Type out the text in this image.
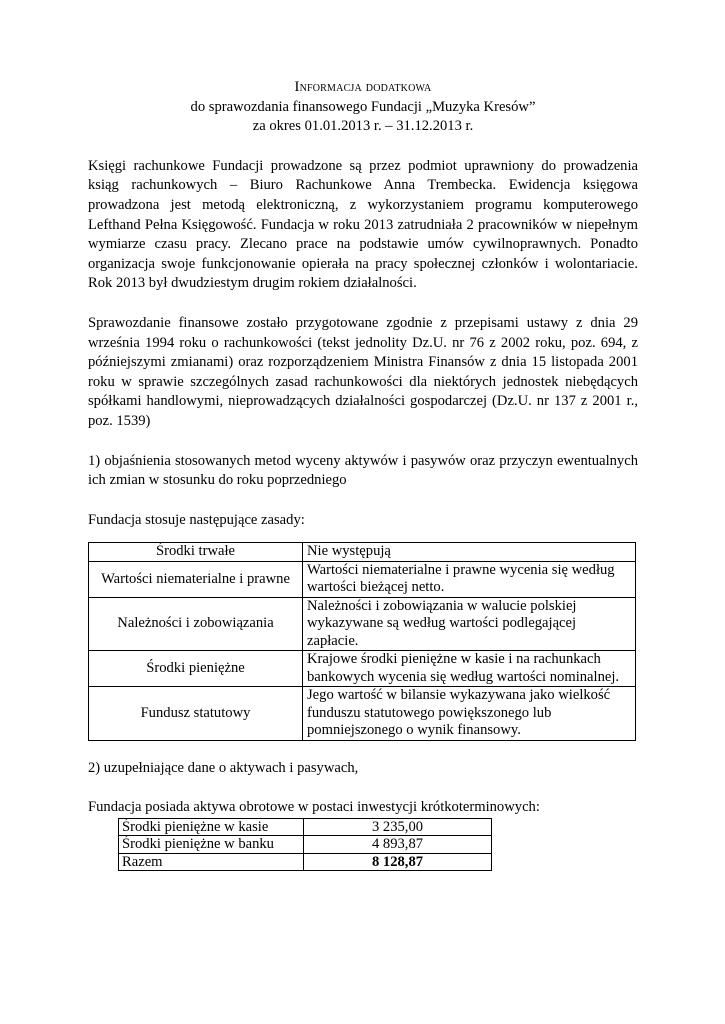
Informacja dodatkowa
do sprawozdania finansowego Fundacji „Muzyka Kresów”
za okres 01.01.2013 r. – 31.12.2013 r.

Księgi rachunkowe Fundacji prowadzone są przez podmiot uprawniony do prowadzenia ksiąg rachunkowych – Biuro Rachunkowe Anna Trembecka. Ewidencja księgowa prowadzona jest metodą elektroniczną, z wykorzystaniem programu komputerowego Lefthand Pełna Księgowość. Fundacja w roku 2013 zatrudniała 2 pracowników w niepełnym wymiarze czasu pracy. Zlecano prace na podstawie umów cywilnoprawnych. Ponadto organizacja swoje funkcjonowanie opierała na pracy społecznej członków i wolontariacie. Rok 2013 był dwudziestym drugim rokiem działalności.

Sprawozdanie finansowe zostało przygotowane zgodnie z przepisami ustawy z dnia 29 września 1994 roku o rachunkowości (tekst jednolity Dz.U. nr 76 z 2002 roku, poz. 694, z późniejszymi zmianami) oraz rozporządzeniem Ministra Finansów z dnia 15 listopada 2001 roku w sprawie szczególnych zasad rachunkowości dla niektórych jednostek niebędących spółkami handlowymi, nieprowadzących działalności gospodarczej (Dz.U. nr 137 z 2001 r., poz. 1539)

1) objaśnienia stosowanych metod wyceny aktywów i pasywów oraz przyczyn ewentualnych ich zmian w stosunku do roku poprzedniego

Fundacja stosuje następujące zasady:

Środki trwałe	Nie występują
Wartości niematerialne i prawne	Wartości niematerialne i prawne wycenia się według wartości bieżącej netto.
Należności i zobowiązania	Należności i zobowiązania w walucie polskiej wykazywane są według wartości podlegającej zapłacie.
Środki pieniężne	Krajowe środki pieniężne w kasie i na rachunkach bankowych wycenia się według wartości nominalnej.
Fundusz statutowy	Jego wartość w bilansie wykazywana jako wielkość funduszu statutowego powiększonego lub pomniejszonego o wynik finansowy.

2) uzupełniające dane o aktywach i pasywach,

Fundacja posiada aktywa obrotowe w postaci inwestycji krótkoterminowych:

Środki pieniężne w kasie	3 235,00
Środki pieniężne w banku	4 893,87
Razem	8 128,87
